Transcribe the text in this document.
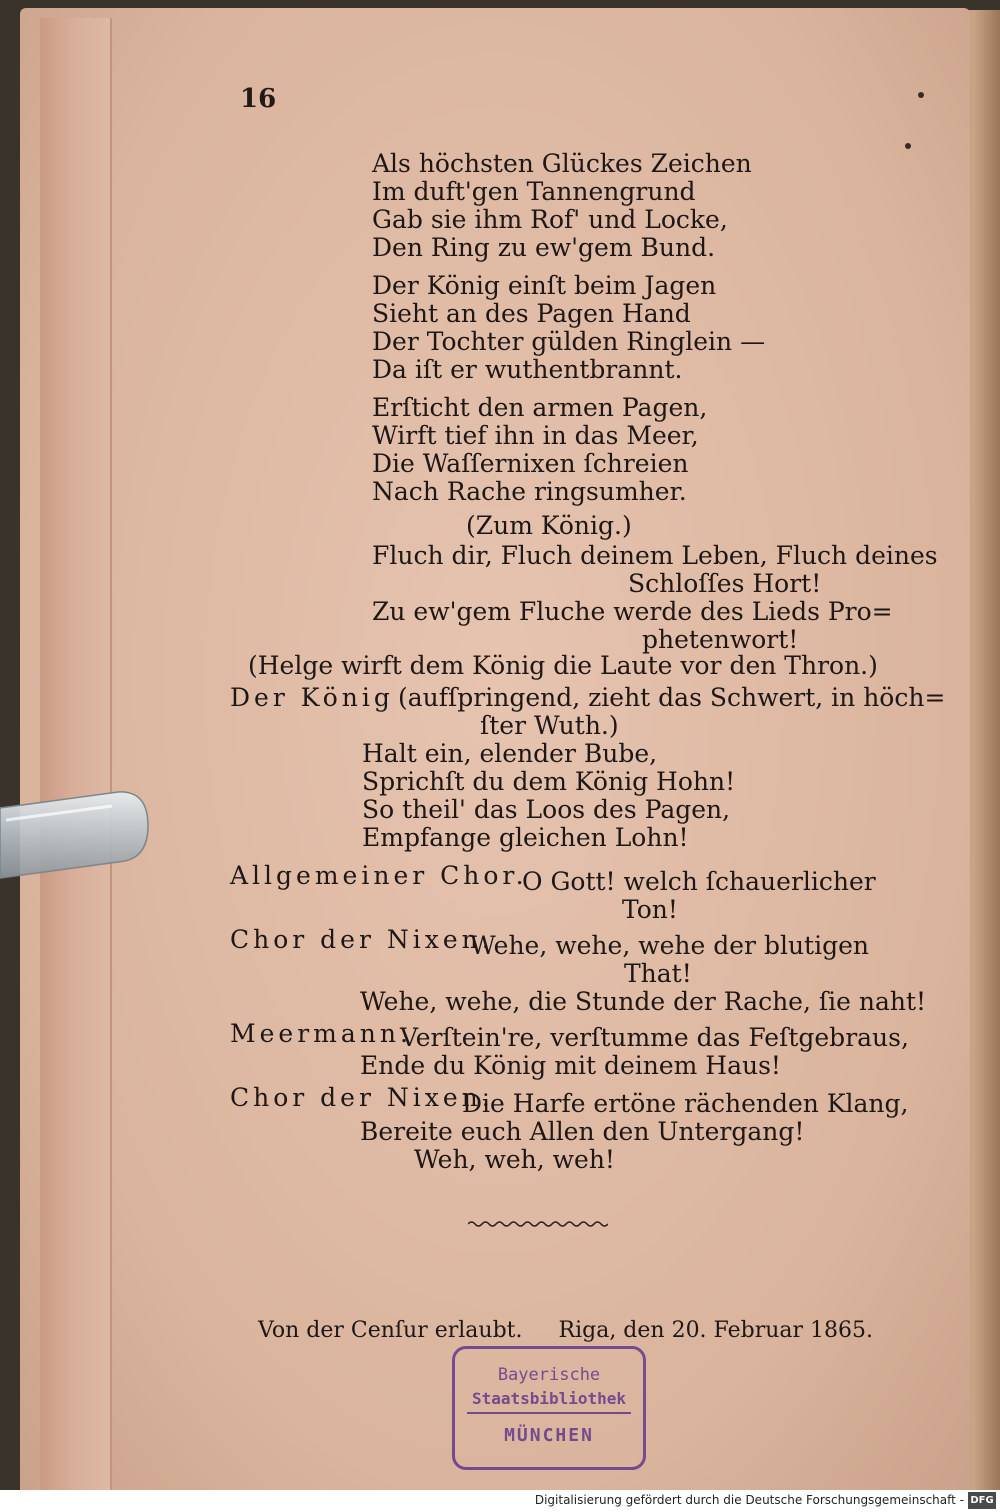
16
Als höchsten Glückes Zeichen
Im duft'gen Tannengrund
Gab sie ihm Rof' und Locke,
Den Ring zu ew'gem Bund.
Der König einſt beim Jagen
Sieht an des Pagen Hand
Der Tochter gülden Ringlein —
Da iſt er wuthentbrannt.
Erſticht den armen Pagen,
Wirft tief ihn in das Meer,
Die Waſſernixen ſchreien
Nach Rache ringsumher.
(Zum König.)
Fluch dir, Fluch deinem Leben, Fluch deines
Schloſſes Hort!
Zu ew'gem Fluche werde des Lieds Pro=
phetenwort!
(Helge wirft dem König die Laute vor den Thron.)
Der König (aufſpringend, zieht das Schwert, in höch=
ſter Wuth.)
Halt ein, elender Bube,
Sprichſt du dem König Hohn!
So theil' das Loos des Pagen,
Empfange gleichen Lohn!
Allgemeiner Chor.
O Gott! welch ſchauerlicher
Ton!
Chor der Nixen.
Wehe, wehe, wehe der blutigen
That!
Wehe, wehe, die Stunde der Rache, ſie naht!
Meermann.
Verſtein're, verſtumme das Feſtgebraus,
Ende du König mit deinem Haus!
Chor der Nixen.
Die Harfe ertöne rächenden Klang,
Bereite euch Allen den Untergang!
Weh, weh, weh!
Von der Cenſur erlaubt. Riga, den 20. Februar 1865.
Bayerische
Staatsbibliothek
MÜNCHEN
Digitalisierung gefördert durch die Deutsche Forschungsgemeinschaft - DFG
